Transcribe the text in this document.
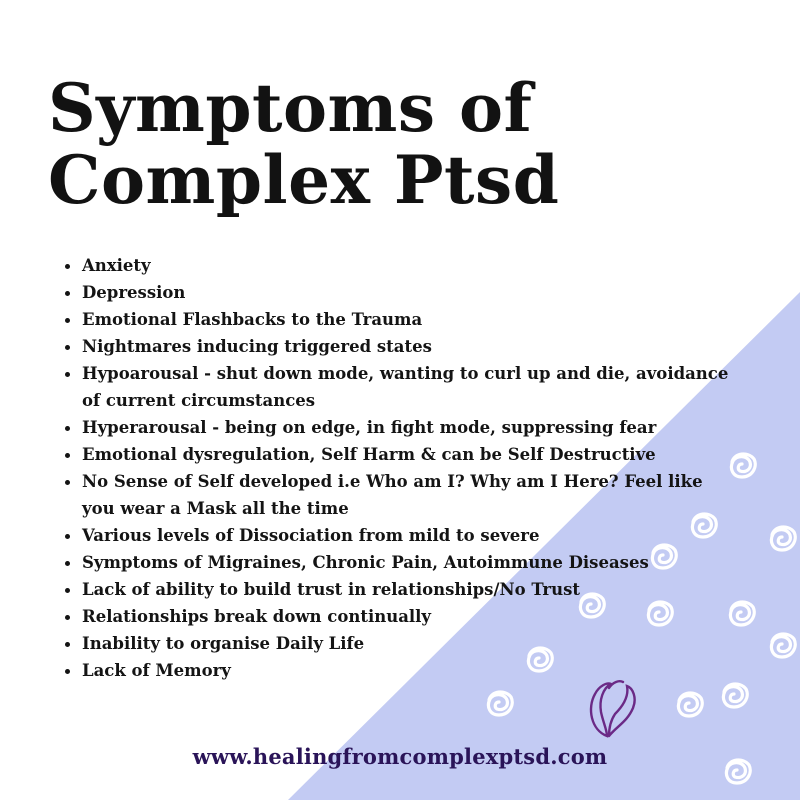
Symptoms of
Complex Ptsd
• Anxiety
• Depression
• Emotional Flashbacks to the Trauma
• Nightmares inducing triggered states
• Hypoarousal - shut down mode, wanting to curl up and die, avoidance of current circumstances
• Hyperarousal - being on edge, in fight mode, suppressing fear
• Emotional dysregulation, Self Harm & can be Self Destructive
• No Sense of Self developed i.e Who am I? Why am I Here? Feel like you wear a Mask all the time
• Various levels of Dissociation from mild to severe
• Symptoms of Migraines, Chronic Pain, Autoimmune Diseases
• Lack of ability to build trust in relationships/No Trust
• Relationships break down continually
• Inability to organise Daily Life
• Lack of Memory
www.healingfromcomplexptsd.com
